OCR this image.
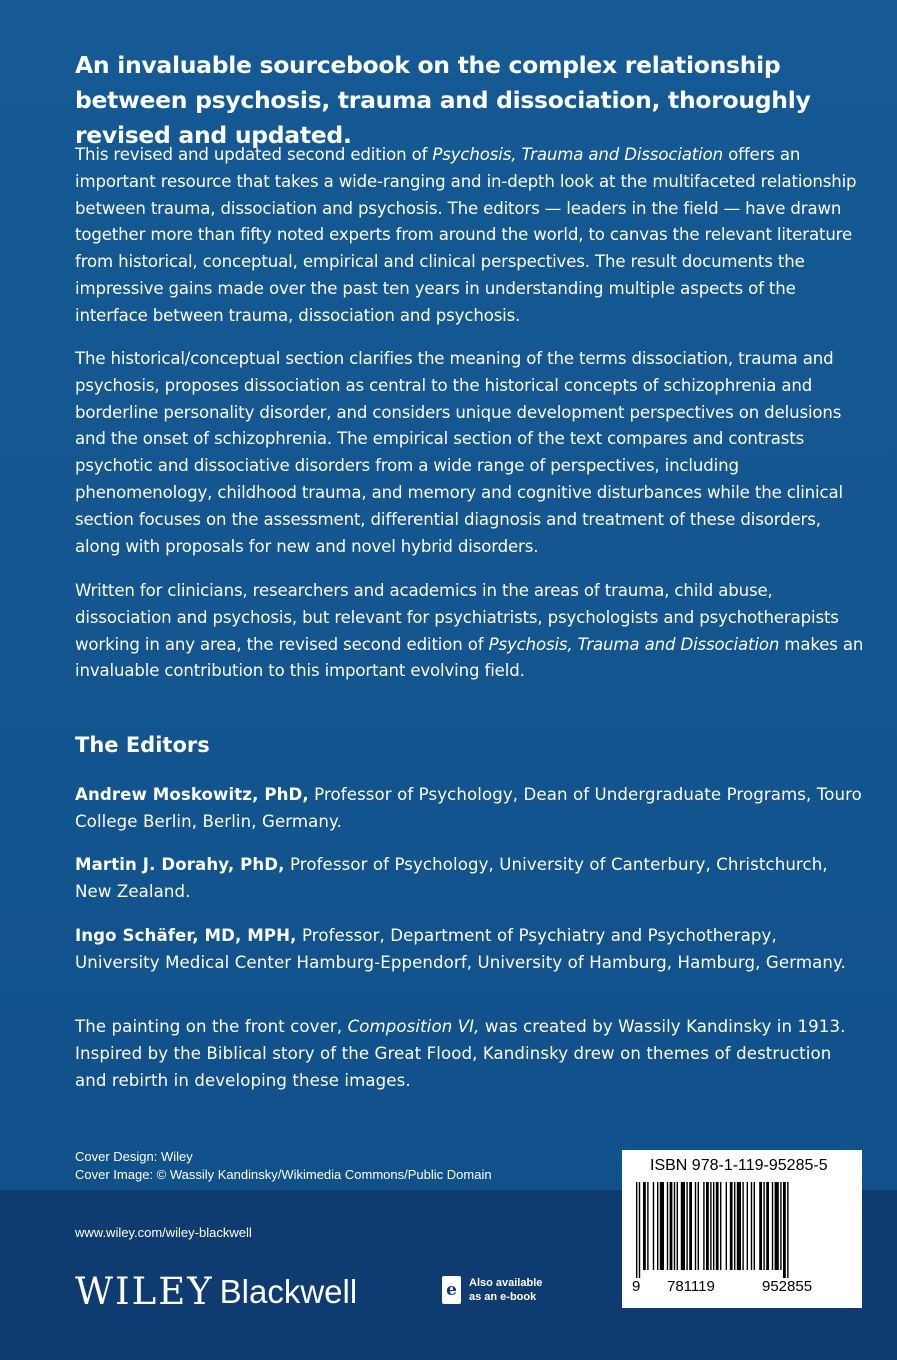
An invaluable sourcebook on the complex relationship between psychosis, trauma and dissociation, thoroughly revised and updated.

This revised and updated second edition of Psychosis, Trauma and Dissociation offers an important resource that takes a wide-ranging and in-depth look at the multifaceted relationship between trauma, dissociation and psychosis. The editors — leaders in the field — have drawn together more than fifty noted experts from around the world, to canvas the relevant literature from historical, conceptual, empirical and clinical perspectives. The result documents the impressive gains made over the past ten years in understanding multiple aspects of the interface between trauma, dissociation and psychosis.

The historical/conceptual section clarifies the meaning of the terms dissociation, trauma and psychosis, proposes dissociation as central to the historical concepts of schizophrenia and borderline personality disorder, and considers unique development perspectives on delusions and the onset of schizophrenia. The empirical section of the text compares and contrasts psychotic and dissociative disorders from a wide range of perspectives, including phenomenology, childhood trauma, and memory and cognitive disturbances while the clinical section focuses on the assessment, differential diagnosis and treatment of these disorders, along with proposals for new and novel hybrid disorders.

Written for clinicians, researchers and academics in the areas of trauma, child abuse, dissociation and psychosis, but relevant for psychiatrists, psychologists and psychotherapists working in any area, the revised second edition of Psychosis, Trauma and Dissociation makes an invaluable contribution to this important evolving field.

The Editors

Andrew Moskowitz, PhD, Professor of Psychology, Dean of Undergraduate Programs, Touro College Berlin, Berlin, Germany.

Martin J. Dorahy, PhD, Professor of Psychology, University of Canterbury, Christchurch, New Zealand.

Ingo Schäfer, MD, MPH, Professor, Department of Psychiatry and Psychotherapy, University Medical Center Hamburg-Eppendorf, University of Hamburg, Hamburg, Germany.

The painting on the front cover, Composition VI, was created by Wassily Kandinsky in 1913. Inspired by the Biblical story of the Great Flood, Kandinsky drew on themes of destruction and rebirth in developing these images.

Cover Design: Wiley
Cover Image: © Wassily Kandinsky/Wikimedia Commons/Public Domain
www.wiley.com/wiley-blackwell
WILEY Blackwell	e	Also available
as an e-book
ISBN 978-1-119-95285-5
9 781119	952855
